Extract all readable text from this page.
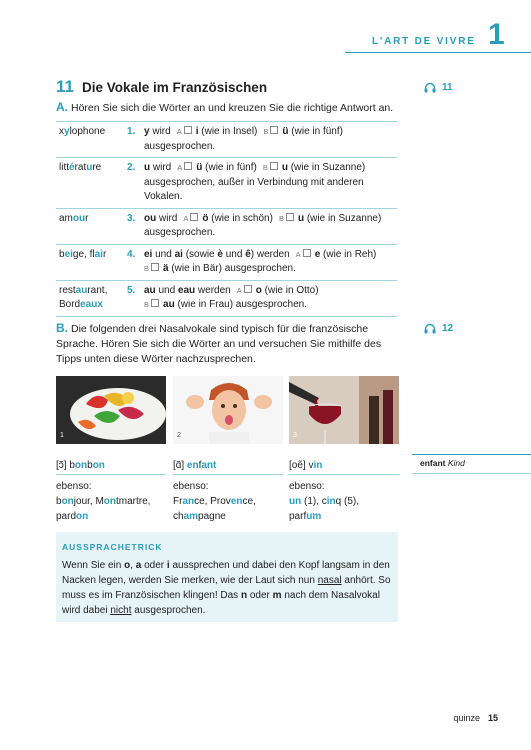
L'ART DE VIVRE 1
11 Die Vokale im Französischen	11
12
A. Hören Sie sich die Wörter an und kreuzen Sie die richtige Antwort an.
xylophone	1.	y wird A i (wie in Insel) B ü (wie in fünf)
ausgesprochen.
littérature	2.	u wird A ü (wie in fünf) B u (wie in Suzanne)
ausgesprochen, außer in Verbindung mit anderen Vokalen.
amour	3.	ou wird A ö (wie in schön) B u (wie in Suzanne)
ausgesprochen.
beige, flair	4.	ei und ai (sowie è und ê) werden A e (wie in Reh)
B ä (wie in Bär) ausgesprochen.
restaurant,
Bordeaux	5.	au und eau werden A o (wie in Otto)
B au (wie in Frau) ausgesprochen.
B. Die folgenden drei Nasalvokale sind typisch für die französische Sprache. Hören Sie sich die Wörter an und versuchen Sie mithilfe des Tipps unten diese Wörter nachzusprechen.
1	2	3
[ɔ̃] bonbon
ebenso:
bonjour, Montmartre,
pardon
[ɑ̃] enfant
ebenso:
France, Provence,
champagne
[oẽ] vin
ebenso:
un (1), cinq (5),
parfum
enfant Kind
AUSSPRACHETRICK
Wenn Sie ein o, a oder i aussprechen und dabei den Kopf langsam in den Nacken legen, werden Sie merken, wie der Laut sich nun nasal anhört. So muss es im Französischen klingen! Das n oder m nach dem Nasalvokal wird dabei nicht ausgesprochen.
quinze 15
